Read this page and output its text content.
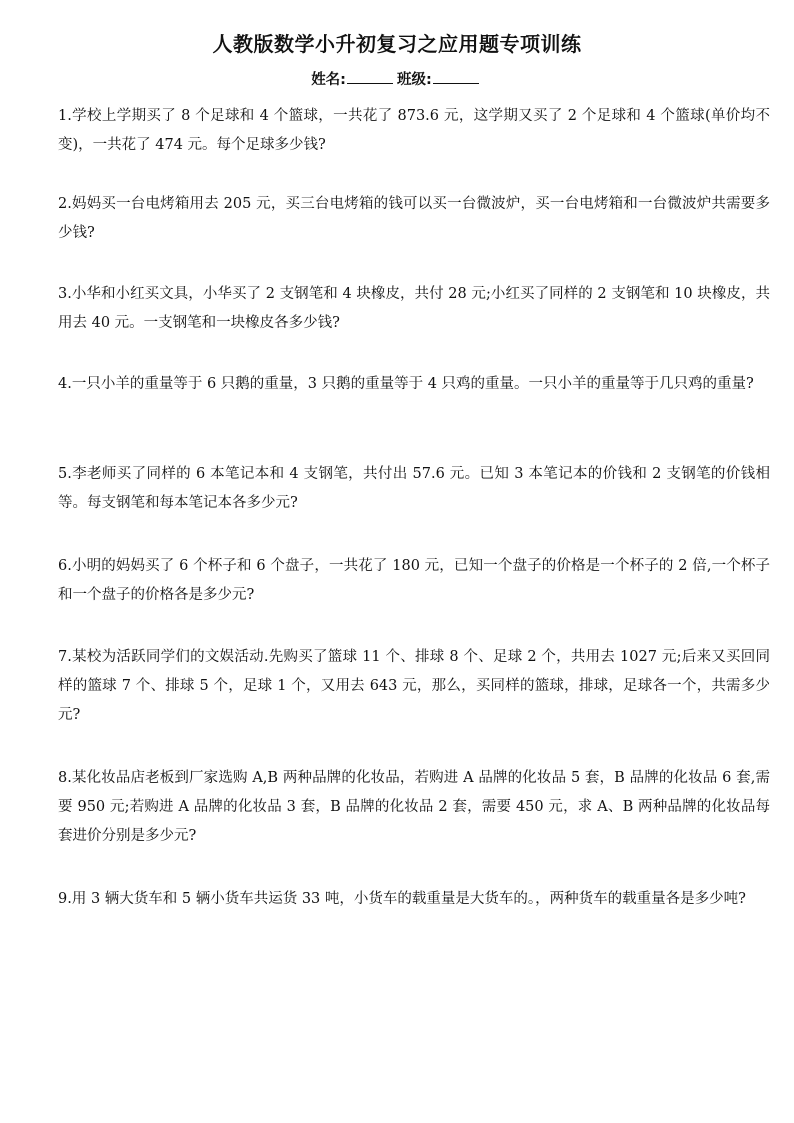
人教版数学小升初复习之应用题专项训练
姓名:	班级:

1.学校上学期买了 8 个足球和 4 个篮球，一共花了 873.6 元，这学期又买了 2 个足球和 4 个篮球(单价均不变)，一共花了 474 元。每个足球多少钱?

2.妈妈买一台电烤箱用去 205 元，买三台电烤箱的钱可以买一台微波炉，买一台电烤箱和一台微波炉共需要多少钱?

3.小华和小红买文具，小华买了 2 支钢笔和 4 块橡皮，共付 28 元;小红买了同样的 2 支钢笔和 10 块橡皮，共用去 40 元。一支钢笔和一块橡皮各多少钱?

4.一只小羊的重量等于 6 只鹅的重量，3 只鹅的重量等于 4 只鸡的重量。一只小羊的重量等于几只鸡的重量?

5.李老师买了同样的 6 本笔记本和 4 支钢笔，共付出 57.6 元。已知 3 本笔记本的价钱和 2 支钢笔的价钱相等。每支钢笔和每本笔记本各多少元?

6.小明的妈妈买了 6 个杯子和 6 个盘子，一共花了 180 元，已知一个盘子的价格是一个杯子的 2 倍,一个杯子和一个盘子的价格各是多少元?

7.某校为活跃同学们的文娱活动.先购买了篮球 11 个、排球 8 个、足球 2 个，共用去 1027 元;后来又买回同样的篮球 7 个、排球 5 个，足球 1 个，又用去 643 元，那么，买同样的篮球，排球，足球各一个，共需多少元?

8.某化妆品店老板到厂家选购 A,B 两种品牌的化妆品，若购进 A 品牌的化妆品 5 套，B 品牌的化妆品 6 套,需要 950 元;若购进 A 品牌的化妆品 3 套，B 品牌的化妆品 2 套，需要 450 元，求 A、B 两种品牌的化妆品每套进价分别是多少元?

9.用 3 辆大货车和 5 辆小货车共运货 33 吨，小货车的载重量是大货车的。，两种货车的载重量各是多少吨?
